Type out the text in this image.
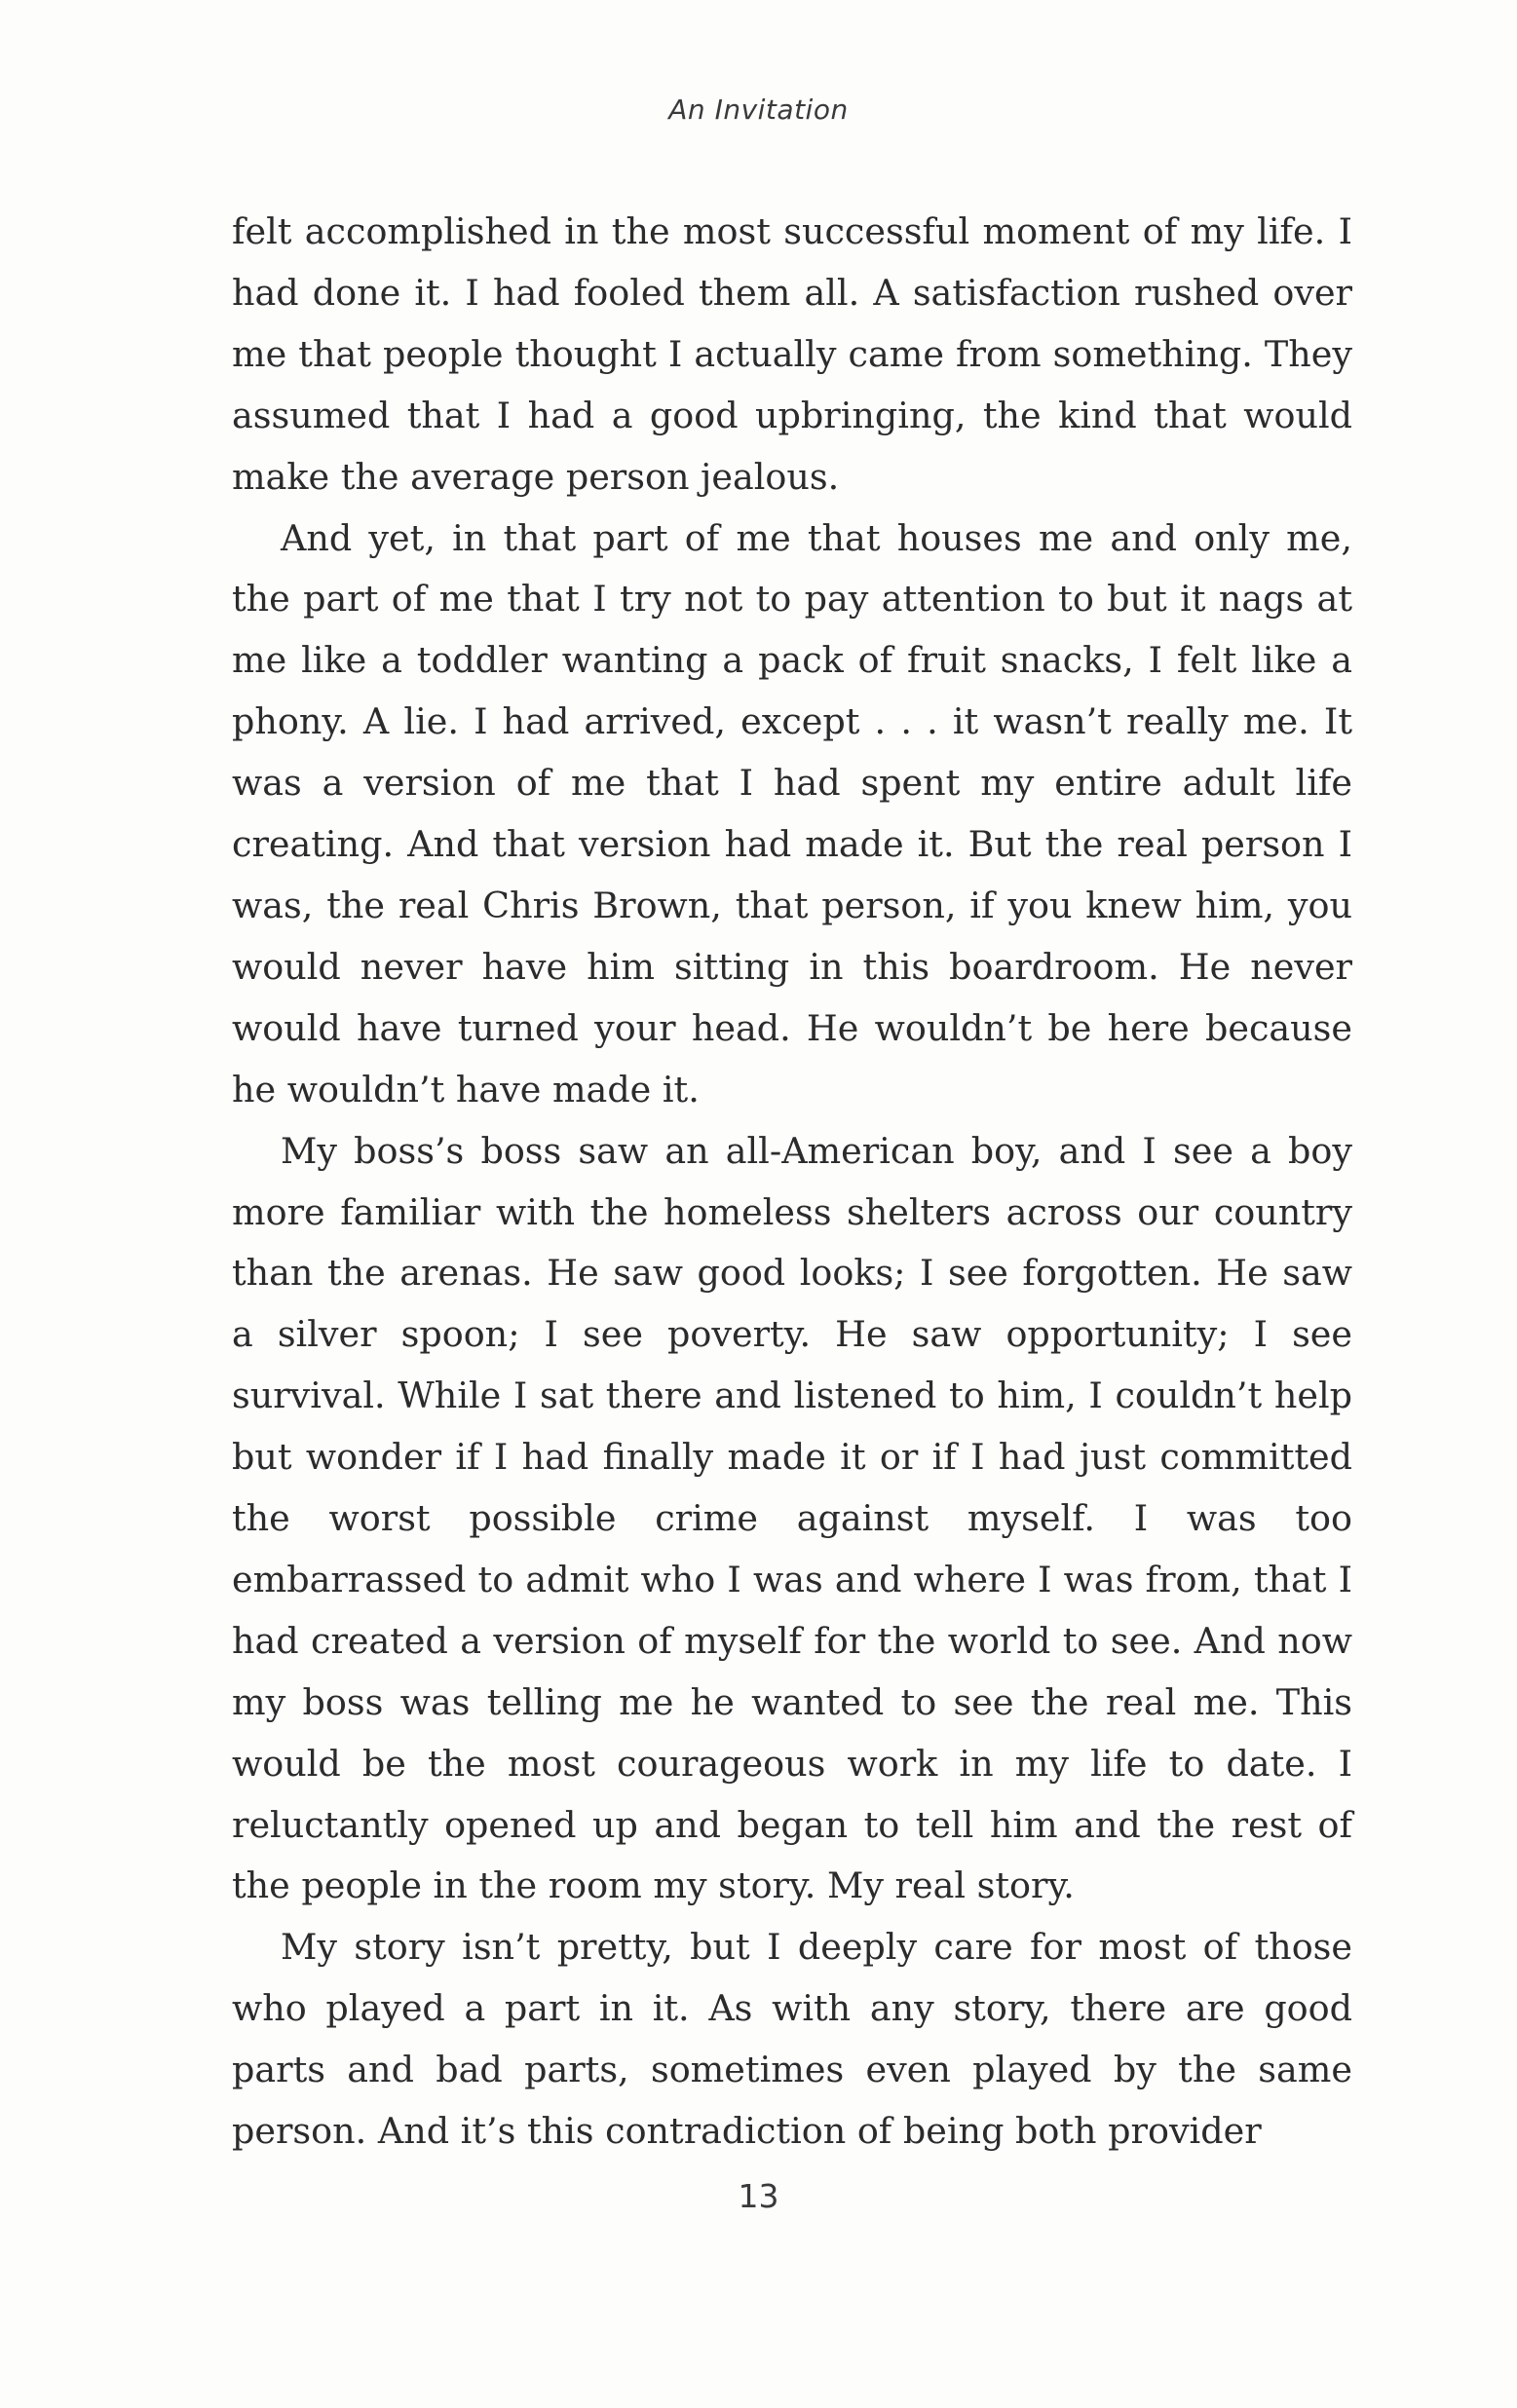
An Invitation

felt accomplished in the most successful moment of my life. I had done it. I had fooled them all. A satisfaction rushed over me that people thought I actually came from something. They assumed that I had a good upbringing, the kind that would make the average person jealous.

And yet, in that part of me that houses me and only me, the part of me that I try not to pay attention to but it nags at me like a toddler wanting a pack of fruit snacks, I felt like a phony. A lie. I had arrived, except . . . it wasn’t really me. It was a version of me that I had spent my entire adult life creating. And that version had made it. But the real person I was, the real Chris Brown, that person, if you knew him, you would never have him sitting in this boardroom. He never would have turned your head. He wouldn’t be here because he wouldn’t have made it.

My boss’s boss saw an all-American boy, and I see a boy more familiar with the homeless shelters across our country than the arenas. He saw good looks; I see forgotten. He saw a silver spoon; I see poverty. He saw opportunity; I see survival. While I sat there and listened to him, I couldn’t help but wonder if I had finally made it or if I had just committed the worst possible crime against myself. I was too embarrassed to admit who I was and where I was from, that I had created a version of myself for the world to see. And now my boss was telling me he wanted to see the real me. This would be the most courageous work in my life to date. I reluctantly opened up and began to tell him and the rest of the people in the room my story. My real story.

My story isn’t pretty, but I deeply care for most of those who played a part in it. As with any story, there are good parts and bad parts, sometimes even played by the same person. And it’s this contradiction of being both provider

13
